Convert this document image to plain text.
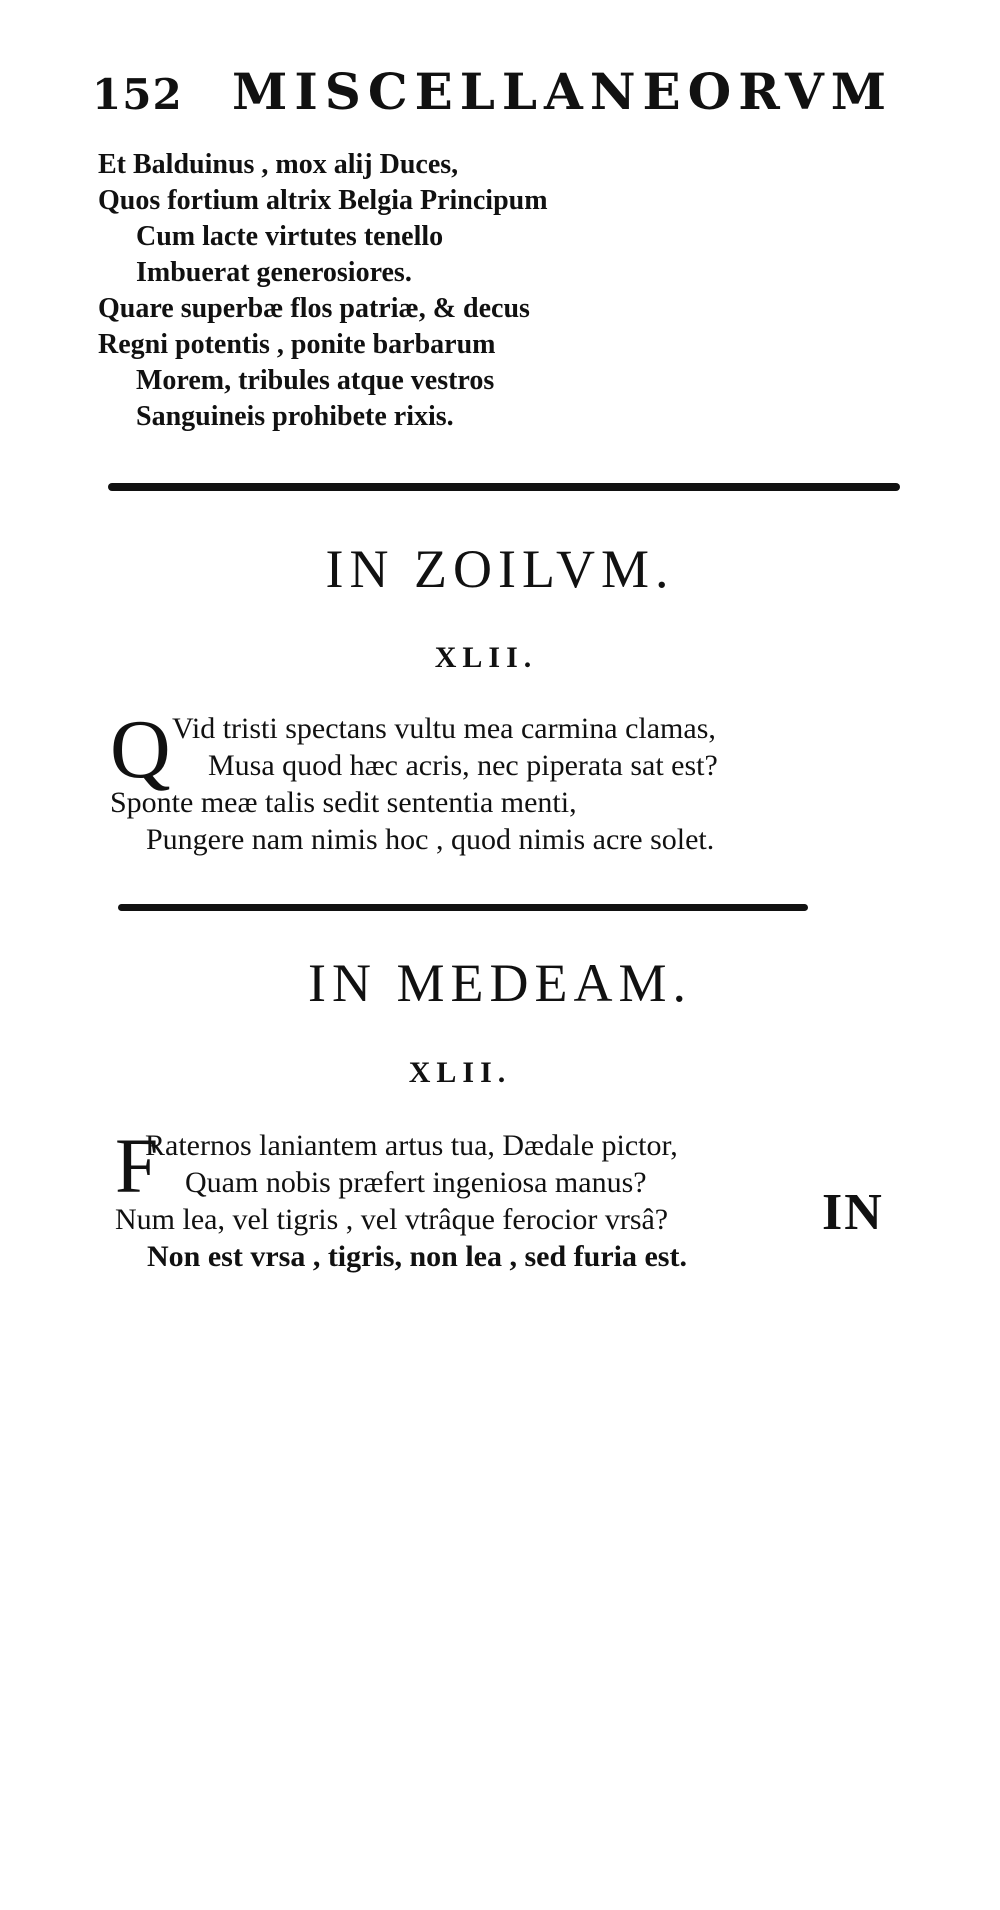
152 MISCELLANEORVM
Et Balduinus , mox alij Duces,
Quos fortium altrix Belgia Principum
Cum lacte virtutes tenello
Imbuerat generosiores.
Quare superbæ flos patriæ, & decus
Regni potentis , ponite barbarum
Morem, tribules atque vestros
Sanguineis prohibete rixis.
IN ZOILVM.
XLII.
Q Vid tristi spectans vultu mea carmina clamas,
Musa quod hæc acris, nec piperata sat est?
Sponte meæ talis sedit sententia menti,
Pungere nam nimis hoc , quod nimis acre solet.
IN MEDEAM.
XLII.
F
Raternos laniantem artus tua, Dædale pictor,
Quam nobis præfert ingeniosa manus?
Num lea, vel tigris , vel vtrâque ferocior vrsâ?
Non est vrsa , tigris, non lea , sed furia est.
IN
